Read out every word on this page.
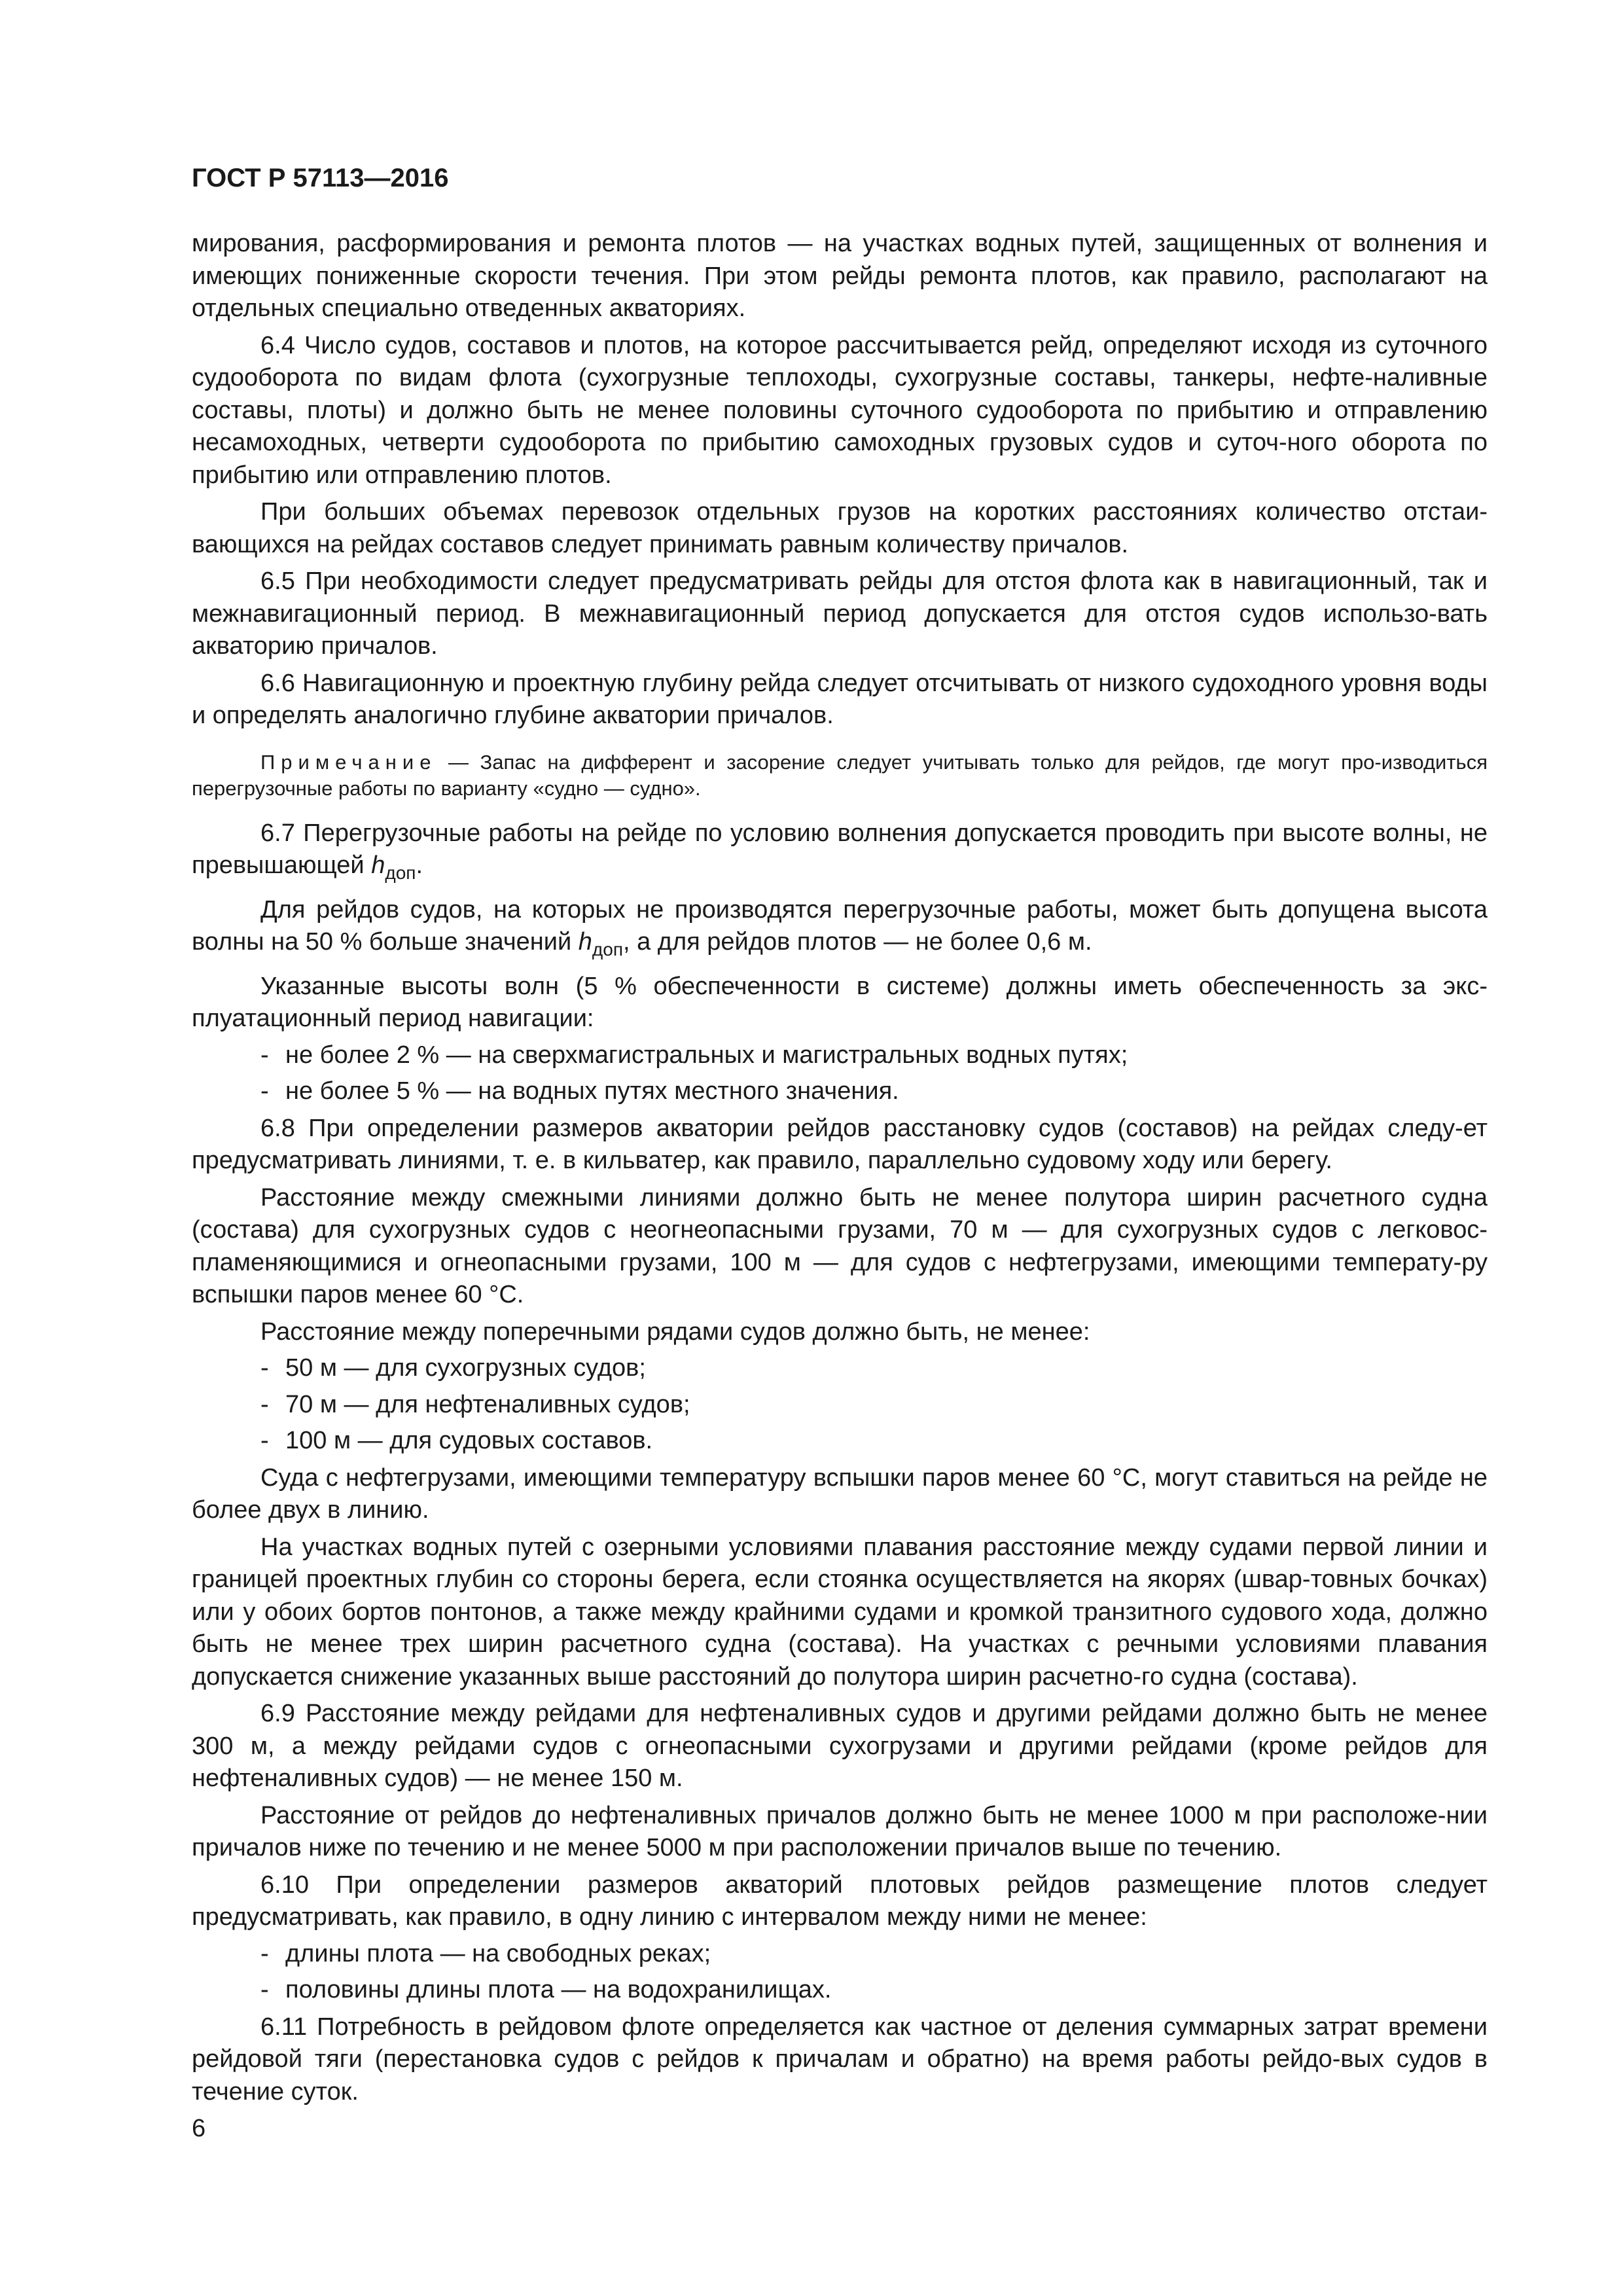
ГОСТ Р 57113—2016

мирования, расформирования и ремонта плотов — на участках водных путей, защищенных от волнения и имеющих пониженные скорости течения. При этом рейды ремонта плотов, как правило, располагают на отдельных специально отведенных акваториях.

6.4 Число судов, составов и плотов, на которое рассчитывается рейд, определяют исходя из суточного судооборота по видам флота (сухогрузные теплоходы, сухогрузные составы, танкеры, нефте-наливные составы, плоты) и должно быть не менее половины суточного судооборота по прибытию и отправлению несамоходных, четверти судооборота по прибытию самоходных грузовых судов и суточ-ного оборота по прибытию или отправлению плотов.

При больших объемах перевозок отдельных грузов на коротких расстояниях количество отстаи-вающихся на рейдах составов следует принимать равным количеству причалов.

6.5 При необходимости следует предусматривать рейды для отстоя флота как в навигационный, так и межнавигационный период. В межнавигационный период допускается для отстоя судов использо-вать акваторию причалов.

6.6 Навигационную и проектную глубину рейда следует отсчитывать от низкого судоходного уровня воды и определять аналогично глубине акватории причалов.

Примечание — Запас на дифферент и засорение следует учитывать только для рейдов, где могут про-изводиться перегрузочные работы по варианту «судно — судно».

6.7 Перегрузочные работы на рейде по условию волнения допускается проводить при высоте волны, не превышающей $h_{доп}$.

Для рейдов судов, на которых не производятся перегрузочные работы, может быть допущена высота волны на 50 % больше значений $h_{доп}$, а для рейдов плотов — не более 0,6 м.

Указанные высоты волн (5 % обеспеченности в системе) должны иметь обеспеченность за экс-плуатационный период навигации:

- не более 2 % — на сверхмагистральных и магистральных водных путях;

- не более 5 % — на водных путях местного значения.

6.8 При определении размеров акватории рейдов расстановку судов (составов) на рейдах следу-ет предусматривать линиями, т. е. в кильватер, как правило, параллельно судовому ходу или берегу.

Расстояние между смежными линиями должно быть не менее полутора ширин расчетного судна (состава) для сухогрузных судов с неогнеопасными грузами, 70 м — для сухогрузных судов с легковос-пламеняющимися и огнеопасными грузами, 100 м — для судов с нефтегрузами, имеющими температу-ру вспышки паров менее 60 °С.

Расстояние между поперечными рядами судов должно быть, не менее:

- 50 м — для сухогрузных судов;

- 70 м — для нефтеналивных судов;

- 100 м — для судовых составов.

Суда с нефтегрузами, имеющими температуру вспышки паров менее 60 °С, могут ставиться на рейде не более двух в линию.

На участках водных путей с озерными условиями плавания расстояние между судами первой линии и границей проектных глубин со стороны берега, если стоянка осуществляется на якорях (швар-товных бочках) или у обоих бортов понтонов, а также между крайними судами и кромкой транзитного судового хода, должно быть не менее трех ширин расчетного судна (состава). На участках с речными условиями плавания допускается снижение указанных выше расстояний до полутора ширин расчетно-го судна (состава).

6.9 Расстояние между рейдами для нефтеналивных судов и другими рейдами должно быть не менее 300 м, а между рейдами судов с огнеопасными сухогрузами и другими рейдами (кроме рейдов для нефтеналивных судов) — не менее 150 м.

Расстояние от рейдов до нефтеналивных причалов должно быть не менее 1000 м при расположе-нии причалов ниже по течению и не менее 5000 м при расположении причалов выше по течению.

6.10 При определении размеров акваторий плотовых рейдов размещение плотов следует предусматривать, как правило, в одну линию с интервалом между ними не менее:

- длины плота — на свободных реках;

- половины длины плота — на водохранилищах.

6.11 Потребность в рейдовом флоте определяется как частное от деления суммарных затрат времени рейдовой тяги (перестановка судов с рейдов к причалам и обратно) на время работы рейдо-вых судов в течение суток.

6
